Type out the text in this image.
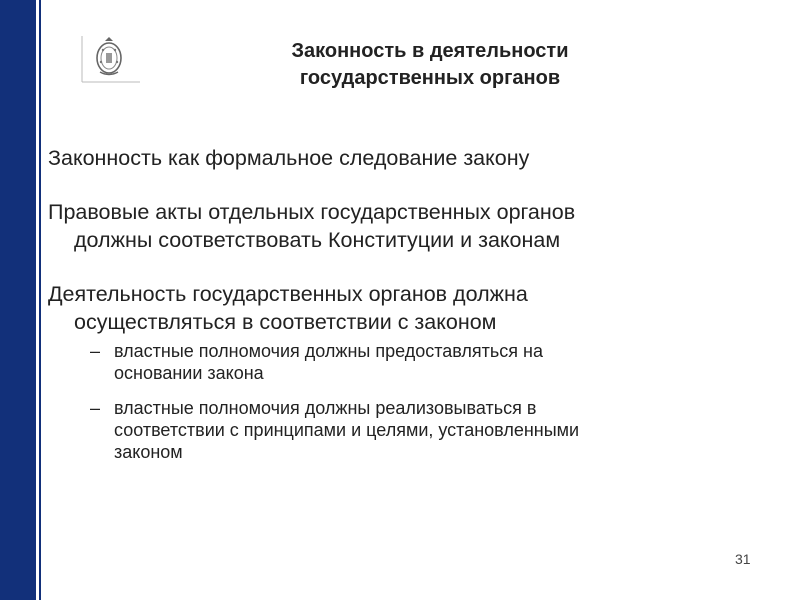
Законность в деятельности
государственных органов
Законность как формальное следование закону
Правовые акты отдельных государственных органов
должны соответствовать Конституции и законам
Деятельность государственных органов должна
осуществляться в соответствии с законом
– властные полномочия должны предоставляться на
основании закона
– властные полномочия должны реализовываться в
соответствии с принципами и целями, установленными
законом
31
